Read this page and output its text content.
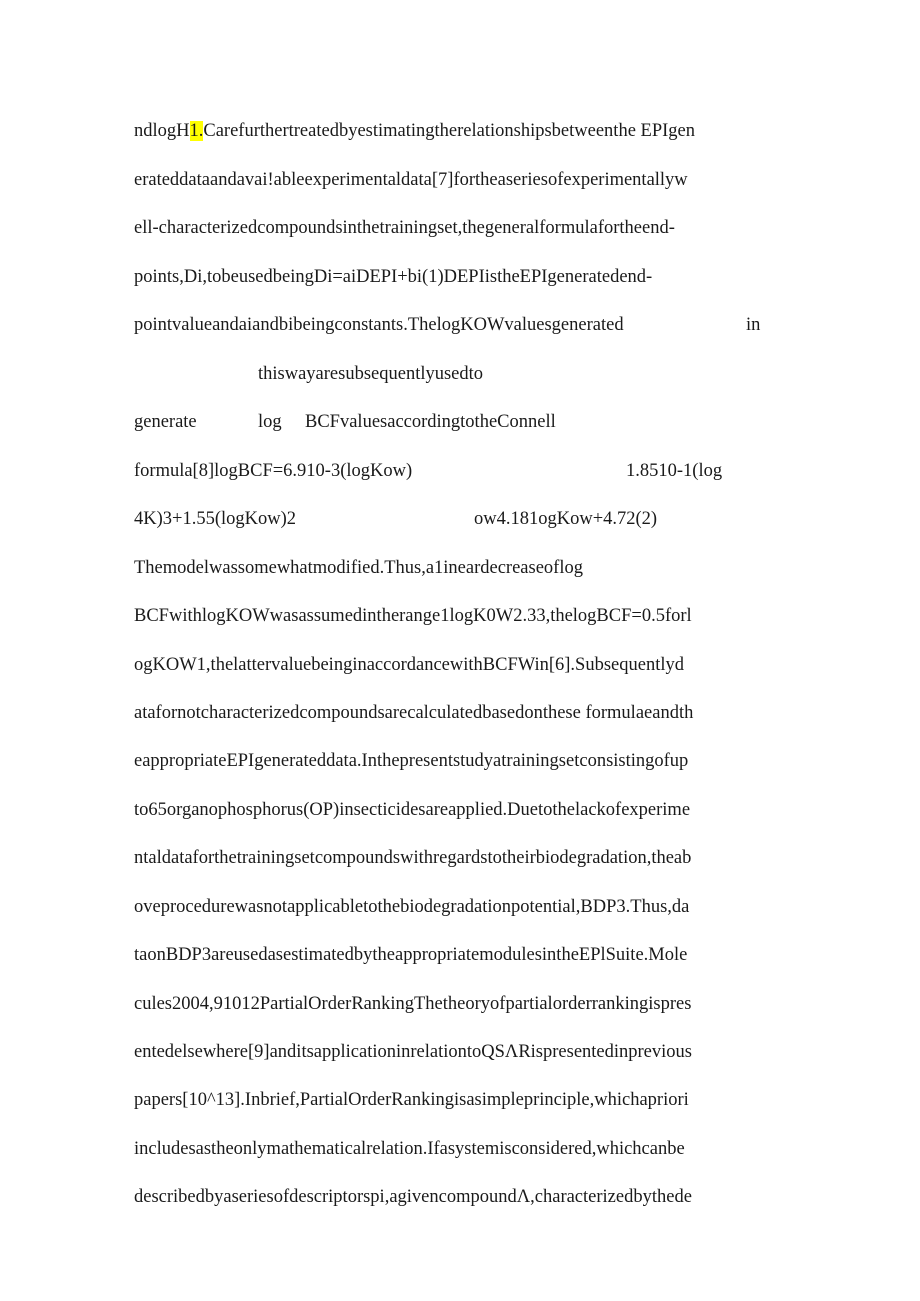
ndlogH1.Carefurthertreatedbyestimatingtherelationshipsbetweenthe EPIgen
erateddataandavai!ableexperimentaldata[7]fortheaseriesofexperimentallyw
ell-characterizedcompoundsinthetrainingset,thegeneralformulafortheend-
points,Di,tobeusedbeingDi=aiDEPI+bi(1)DEPIistheEPIgeneratedend-
pointvalueandaiandbibeingconstants.ThelogKOWvaluesgenerated	in
thiswayaresubsequentlyusedto
generate	log BCFvaluesaccordingtotheConnell
formula[8]logBCF=6.910-3(logKow)	1.8510-1(log
4K)3+1.55(logKow)2	ow4.181ogKow+4.72(2)
Themodelwassomewhatmodified.Thus,a1ineardecreaseoflog
BCFwithlogKOWwasassumedintherange1logK0W2.33,thelogBCF=0.5forl
ogKOW1,thelattervaluebeinginaccordancewithBCFWin[6].Subsequentlyd
atafornotcharacterizedcompoundsarecalculatedbasedonthese formulaeandth
eappropriateEPIgenerateddata.Inthepresentstudyatrainingsetconsistingofup
to65organophosphorus(OP)insecticidesareapplied.Duetothelackofexperime
ntaldataforthetrainingsetcompoundswithregardstotheirbiodegradation,theab
oveprocedurewasnotapplicabletothebiodegradationpotential,BDP3.Thus,da
taonBDP3areusedasestimatedbytheappropriatemodulesintheEPlSuite.Mole
cules2004,91012PartialOrderRankingThetheoryofpartialorderrankingispres
entedelsewhere[9]anditsapplicationinrelationtoQSΛRispresentedinprevious
papers[10^13].Inbrief,PartialOrderRankingisasimpleprinciple,whichapriori
includesastheonlymathematicalrelation.Ifasystemisconsidered,whichcanbe
describedbyaseriesofdescriptorspi,agivencompoundΛ,characterizedbythede
